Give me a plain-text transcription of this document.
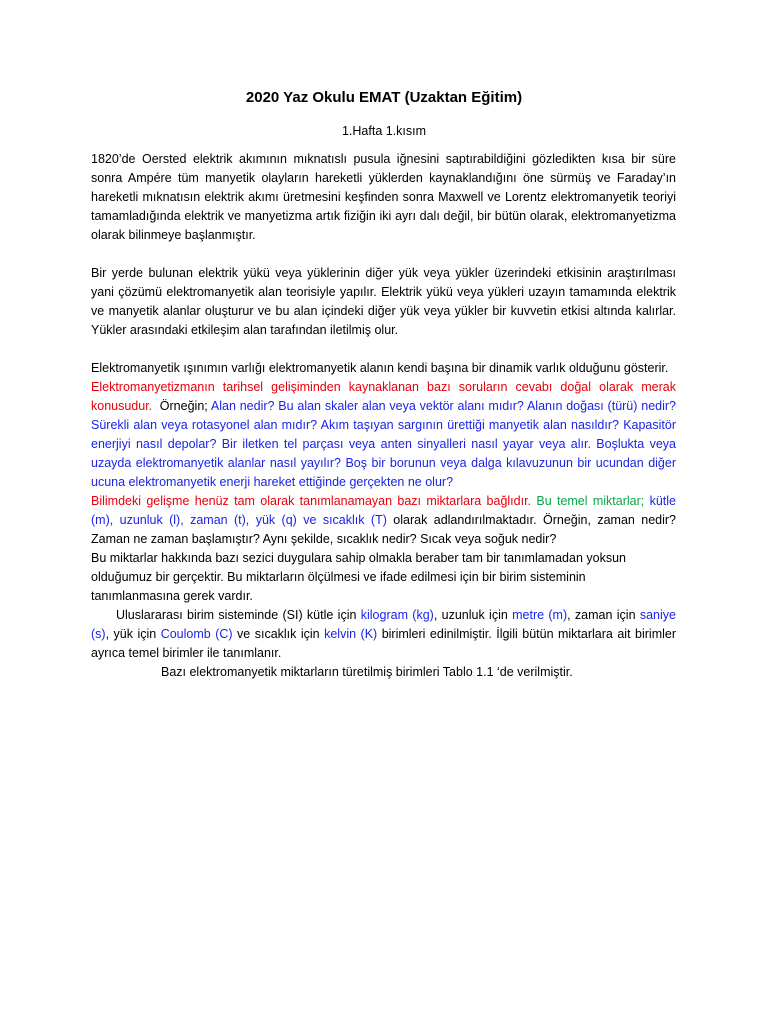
2020 Yaz Okulu EMAT (Uzaktan Eğitim)
1.Hafta 1.kısım

1820’de Oersted elektrik akımının mıknatıslı pusula iğnesini saptırabildiğini gözledikten kısa bir süre sonra Ampére tüm manyetik olayların hareketli yüklerden kaynaklandığını öne sürmüş ve Faraday’ın hareketli mıknatısın elektrik akımı üretmesini keşfinden sonra Maxwell ve Lorentz elektromanyetik teoriyi tamamladığında elektrik ve manyetizma artık fiziğin iki ayrı dalı değil, bir bütün olarak, elektromanyetizma olarak bilinmeye başlanmıştır.

Bir yerde bulunan elektrik yükü veya yüklerinin diğer yük veya yükler üzerindeki etkisinin araştırılması yani çözümü elektromanyetik alan teorisiyle yapılır. Elektrik yükü veya yükleri uzayın tamamında elektrik ve manyetik alanlar oluşturur ve bu alan içindeki diğer yük veya yükler bir kuvvetin etkisi altında kalırlar. Yükler arasındaki etkileşim alan tarafından iletilmiş olur.

Elektromanyetik ışınımın varlığı elektromanyetik alanın kendi başına bir dinamik varlık olduğunu gösterir.

Elektromanyetizmanın tarihsel gelişiminden kaynaklanan bazı soruların cevabı doğal olarak merak konusudur.  Örneğin; Alan nedir? Bu alan skaler alan veya vektör alanı mıdır? Alanın doğası (türü) nedir? Sürekli alan veya rotasyonel alan mıdır? Akım taşıyan sargının ürettiği manyetik alan nasıldır? Kapasitör enerjiyi nasıl depolar? Bir iletken tel parçası veya anten sinyalleri nasıl yayar veya alır. Boşlukta veya uzayda elektromanyetik alanlar nasıl yayılır? Boş bir borunun veya dalga kılavuzunun bir ucundan diğer ucuna elektromanyetik enerji hareket ettiğinde gerçekten ne olur?

Bilimdeki gelişme henüz tam olarak tanımlanamayan bazı miktarlara bağlıdır. Bu temel miktarlar; kütle (m), uzunluk (l), zaman (t), yük (q) ve sıcaklık (T) olarak adlandırılmaktadır. Örneğin, zaman nedir? Zaman ne zaman başlamıştır? Aynı şekilde, sıcaklık nedir? Sıcak veya soğuk nedir?

Bu miktarlar hakkında bazı sezici duygulara sahip olmakla beraber tam bir tanımlamadan yoksun olduğumuz bir gerçektir. Bu miktarların ölçülmesi ve ifade edilmesi için bir birim sisteminin tanımlanmasına gerek vardır.

Uluslararası birim sisteminde (SI) kütle için kilogram (kg), uzunluk için metre (m), zaman için saniye (s), yük için Coulomb (C) ve sıcaklık için kelvin (K) birimleri edinilmiştir. İlgili bütün miktarlara ait birimler ayrıca temel birimler ile tanımlanır.

Bazı elektromanyetik miktarların türetilmiş birimleri Tablo 1.1 ‘de verilmiştir.
